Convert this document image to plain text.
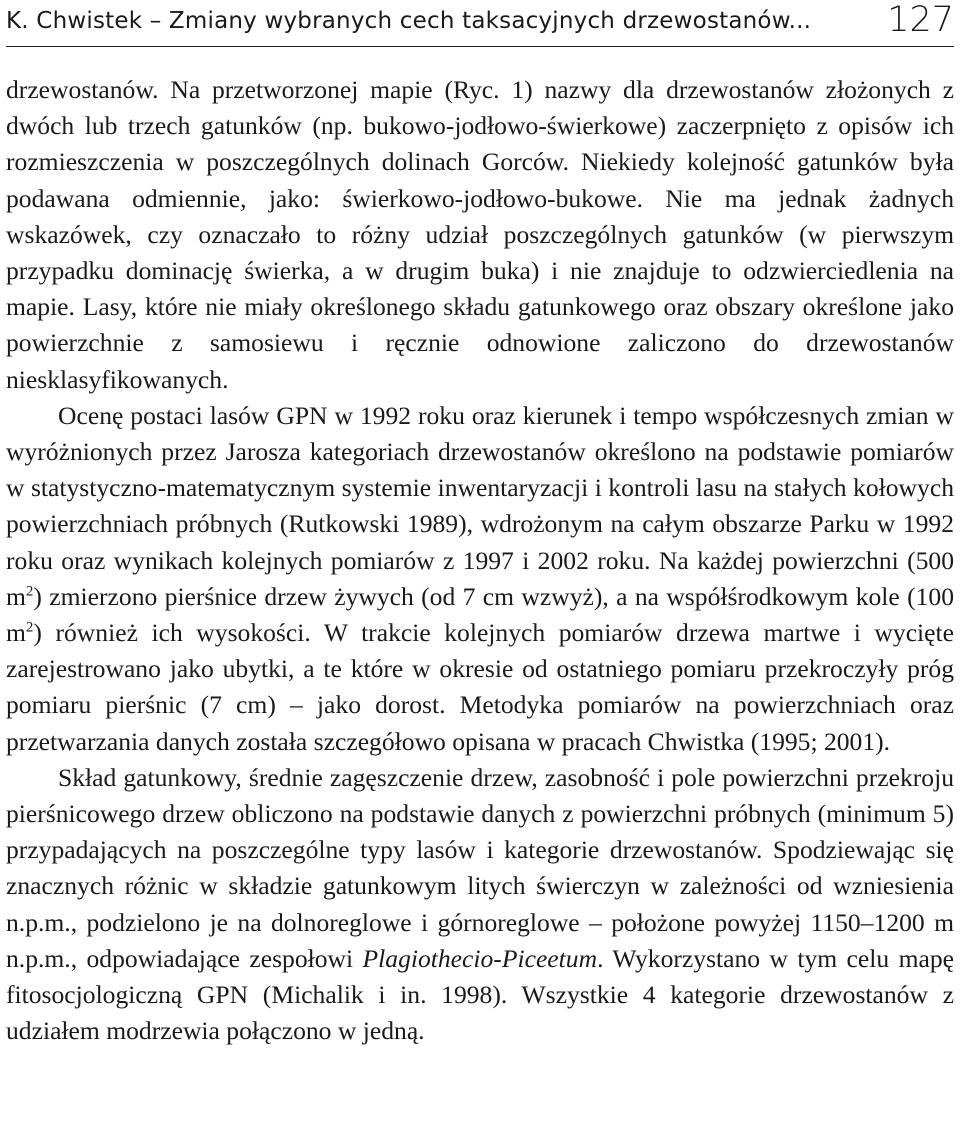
K. Chwistek – Zmiany wybranych cech taksacyjnych drzewostanów... 127

drzewostanów. Na przetworzonej mapie (Ryc. 1) nazwy dla drzewostanów złożonych z dwóch lub trzech gatunków (np. bukowo-jodłowo-świerkowe) zaczerpnięto z opisów ich rozmieszczenia w poszczególnych dolinach Gorców. Niekiedy kolejność gatunków była podawana odmiennie, jako: świerkowo-jodłowo-bukowe. Nie ma jednak żadnych wskazówek, czy oznaczało to różny udział poszczególnych gatunków (w pierwszym przypadku dominację świerka, a w drugim buka) i nie znajduje to odzwierciedlenia na mapie. Lasy, które nie miały określonego składu gatunkowego oraz obszary określone jako powierzchnie z samosiewu i ręcznie odnowione zaliczono do drzewostanów niesklasyfikowanych.

Ocenę postaci lasów GPN w 1992 roku oraz kierunek i tempo współczesnych zmian w wyróżnionych przez Jarosza kategoriach drzewostanów określono na podstawie pomiarów w statystyczno-matematycznym systemie inwentaryzacji i kontroli lasu na stałych kołowych powierzchniach próbnych (Rutkowski 1989), wdrożonym na całym obszarze Parku w 1992 roku oraz wynikach kolejnych pomiarów z 1997 i 2002 roku. Na każdej powierzchni (500 $m^2$) zmierzono pierśnice drzew żywych (od 7 cm wzwyż), a na współśrodkowym kole (100 $m^2$) również ich wysokości. W trakcie kolejnych pomiarów drzewa martwe i wycięte zarejestrowano jako ubytki, a te które w okresie od ostatniego pomiaru przekroczyły próg pomiaru pierśnic (7 cm) – jako dorost. Metodyka pomiarów na powierzchniach oraz przetwarzania danych została szczegółowo opisana w pracach Chwistka (1995; 2001).

Skład gatunkowy, średnie zagęszczenie drzew, zasobność i pole powierzchni przekroju pierśnicowego drzew obliczono na podstawie danych z powierzchni próbnych (minimum 5) przypadających na poszczególne typy lasów i kategorie drzewostanów. Spodziewając się znacznych różnic w składzie gatunkowym litych świerczyn w zależności od wzniesienia n.p.m., podzielono je na dolnoreglowe i górnoreglowe – położone powyżej 1150–1200 m n.p.m., odpowiadające zespołowi Plagiothecio-Piceetum. Wykorzystano w tym celu mapę fitosocjologiczną GPN (Michalik i in. 1998). Wszystkie 4 kategorie drzewostanów z udziałem modrzewia połączono w jedną.
